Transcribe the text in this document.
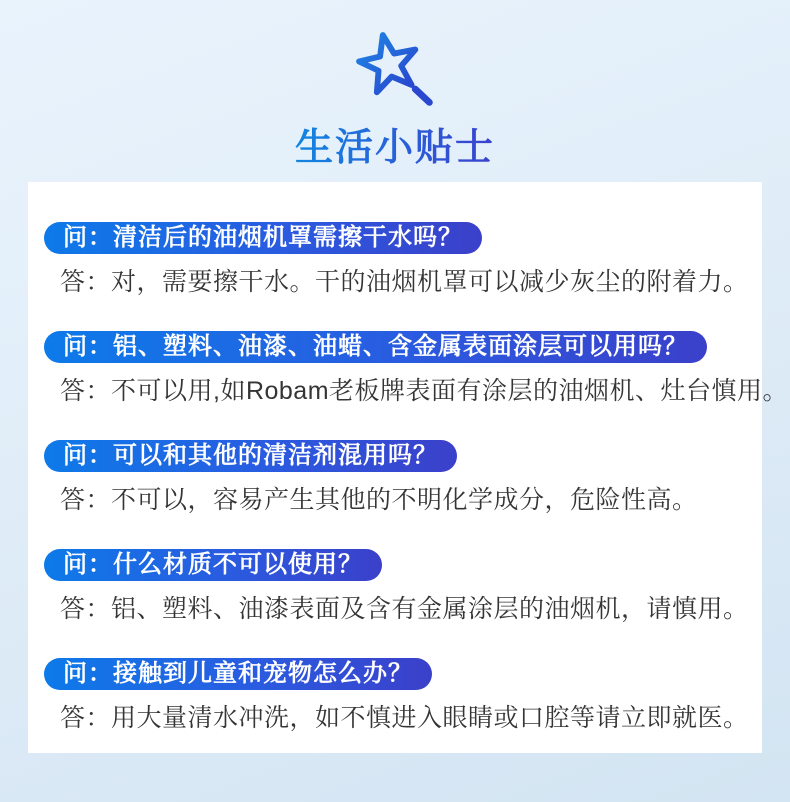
生活小贴士
问：清洁后的油烟机罩需擦干水吗？
答：对，需要擦干水。干的油烟机罩可以减少灰尘的附着力。
问：铝、塑料、油漆、油蜡、含金属表面涂层可以用吗？
答：不可以用,如Robam老板牌表面有涂层的油烟机、灶台慎用。
问：可以和其他的清洁剂混用吗？
答：不可以，容易产生其他的不明化学成分，危险性高。
问：什么材质不可以使用？
答：铝、塑料、油漆表面及含有金属涂层的油烟机，请慎用。
问：接触到儿童和宠物怎么办？
答：用大量清水冲洗，如不慎进入眼睛或口腔等请立即就医。
